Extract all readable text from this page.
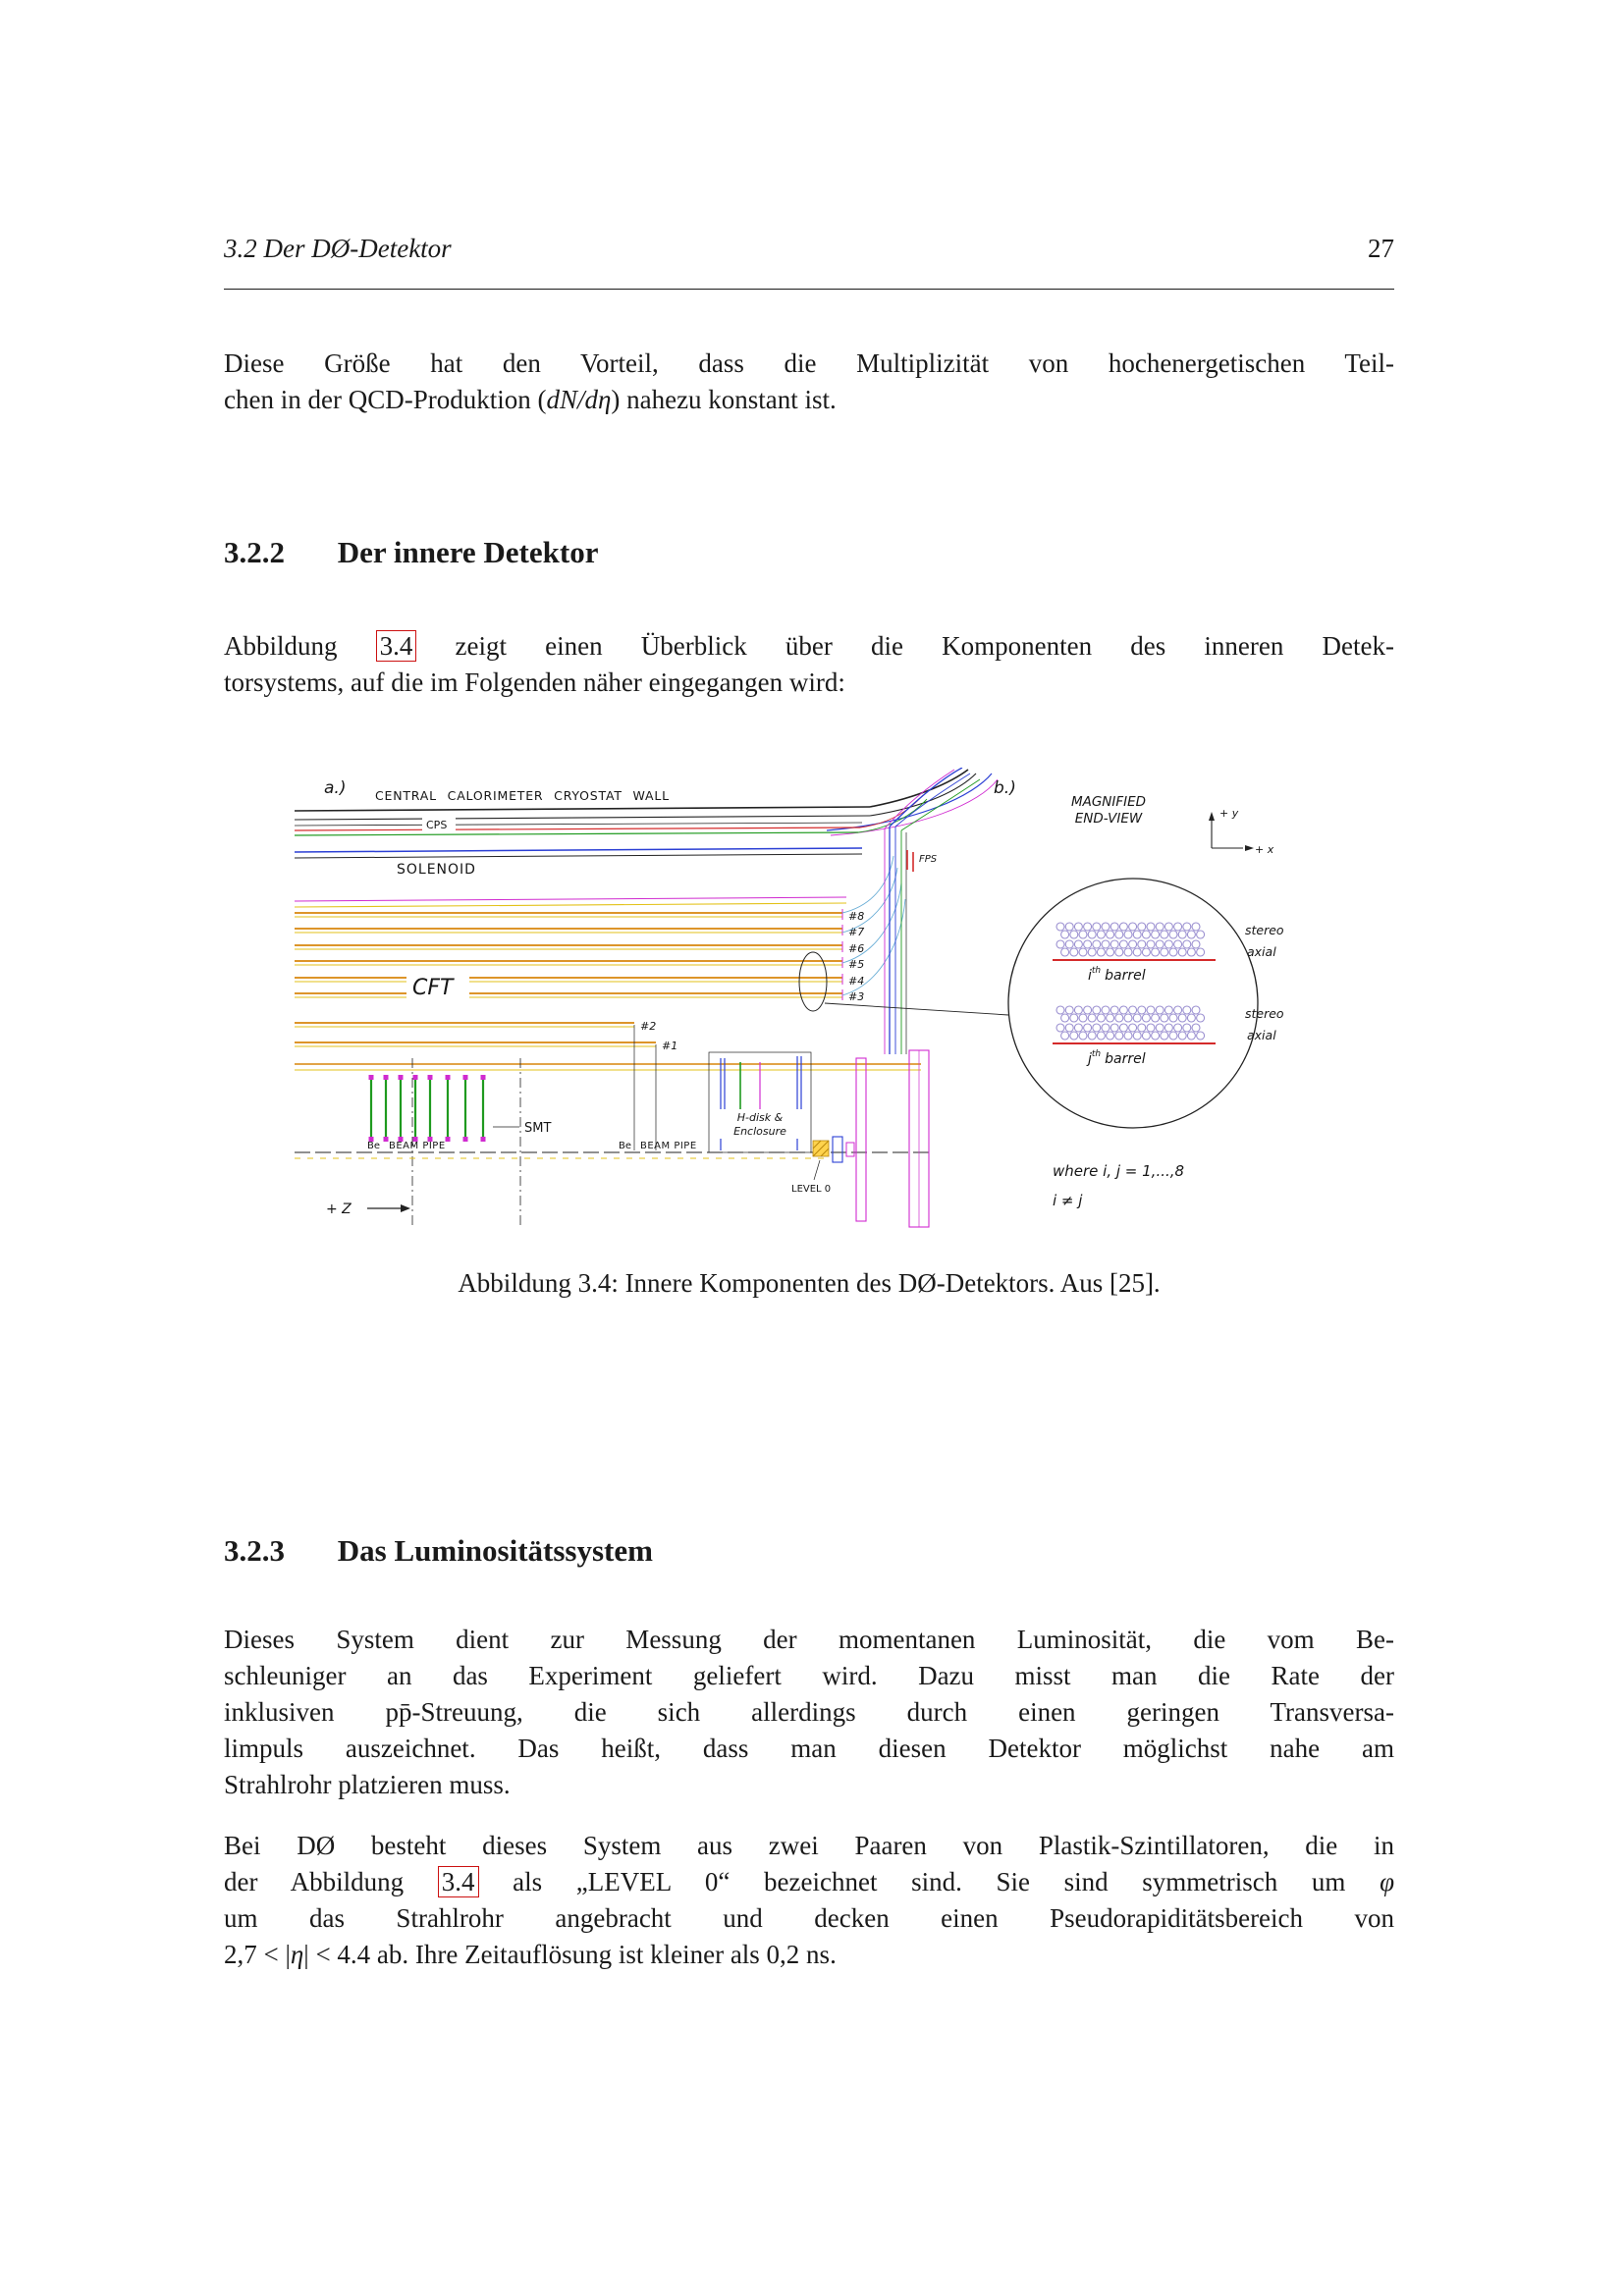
3.2 Der DØ-Detektor	27
Diese Größe hat den Vorteil, dass die Multiplizität von hochenergetischen Teil-
chen in der QCD-Produktion (dN/dη) nahezu konstant ist.
3.2.2 Der innere Detektor
Abbildung 3.4 zeigt einen Überblick über die Komponenten des inneren Detek-
torsystems, auf die im Folgenden näher eingegangen wird:
a.) CENTRAL CALORIMETER CRYOSTAT WALL
CPS
SOLENOID
#8
#7
#6
#5
#4
#3
#2
#1
CFT
SMT
Be BEAM PIPE	Be BEAM PIPE
H-disk &
Enclosure
LEVEL 0
FPS
+ Z
b.)
MAGNIFIED
END-VIEW	+ y
+ x
stereo
axial
stereo
axial
$i^{th}$ barrel
$j^{th}$ barrel
where i, j = 1,...,8
i ≠ j
Abbildung 3.4: Innere Komponenten des DØ-Detektors. Aus [25].
3.2.3 Das Luminositätssystem
Dieses System dient zur Messung der momentanen Luminosität, die vom Be-
schleuniger an das Experiment geliefert wird. Dazu misst man die Rate der
inklusiven pp̄-Streuung, die sich allerdings durch einen geringen Transversa-
limpuls auszeichnet. Das heißt, dass man diesen Detektor möglichst nahe am
Strahlrohr platzieren muss.
Bei DØ besteht dieses System aus zwei Paaren von Plastik-Szintillatoren, die in
der Abbildung 3.4 als „LEVEL 0“ bezeichnet sind. Sie sind symmetrisch um φ
um das Strahlrohr angebracht und decken einen Pseudorapiditätsbereich von
2,7 < |η| < 4.4 ab. Ihre Zeitauflösung ist kleiner als 0,2 ns.
